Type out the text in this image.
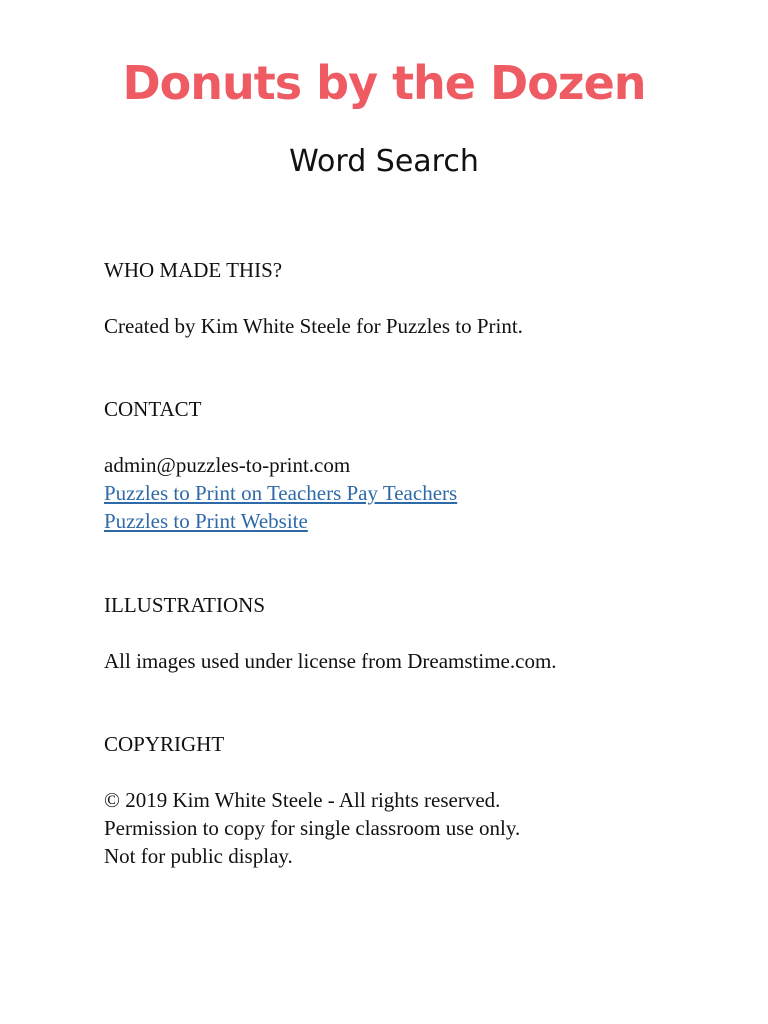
Donuts by the Dozen
Word Search
WHO MADE THIS?
Created by Kim White Steele for Puzzles to Print.
CONTACT
admin@puzzles-to-print.com
Puzzles to Print on Teachers Pay Teachers
Puzzles to Print Website
ILLUSTRATIONS
All images used under license from Dreamstime.com.
COPYRIGHT
© 2019 Kim White Steele - All rights reserved.
Permission to copy for single classroom use only.
Not for public display.
